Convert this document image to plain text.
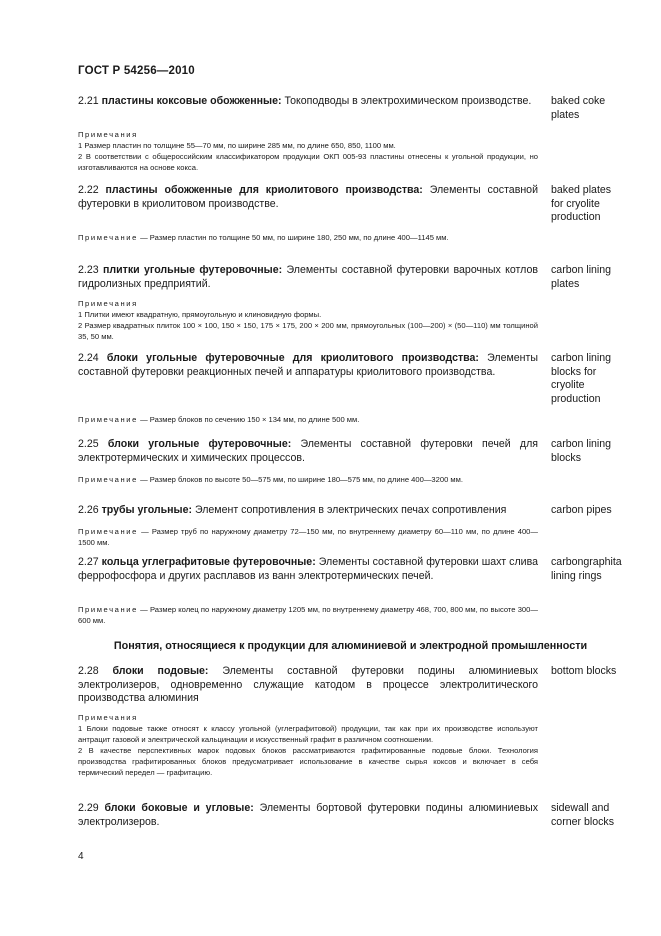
ГОСТ Р 54256—2010
2.21 пластины коксовые обожженные: Токоподводы в электрохимическом производстве.	baked coke plates
Примечания
1 Размер пластин по толщине 55—70 мм, по ширине 285 мм, по длине 650, 850, 1100 мм.
2 В соответствии с общероссийским классификатором продукции ОКП 005-93 пластины отнесены к угольной продукции, но изготавливаются на основе кокса.
2.22 пластины обожженные для криолитового производства: Элементы составной футеровки в криолитовом производстве.
baked plates for cryolite production
Примечание — Размер пластин по толщине 50 мм, по ширине 180, 250 мм, по длине 400—1145 мм.
2.23 плитки угольные футеровочные: Элементы составной футеровки варочных котлов гидролизных предприятий.
carbon lining plates
Примечания
1 Плитки имеют квадратную, прямоугольную и клиновидную формы.
2 Размер квадратных плиток 100 × 100, 150 × 150, 175 × 175, 200 × 200 мм, прямоугольных (100—200) × (50—110) мм толщиной 35, 50 мм.
2.24 блоки угольные футеровочные для криолитового производства: Элементы составной футеровки реакционных печей и аппаратуры криолитового производства.
carbon lining blocks for cryolite production
Примечание — Размер блоков по сечению 150 × 134 мм, по длине 500 мм.
2.25 блоки угольные футеровочные: Элементы составной футеровки печей для электротермических и химических процессов.
carbon lining blocks
Примечание — Размер блоков по высоте 50—575 мм, по ширине 180—575 мм, по длине 400—3200 мм.
2.26 трубы угольные: Элемент сопротивления в электрических печах сопротивления	carbon pipes
Примечание — Размер труб по наружному диаметру 72—150 мм, по внутреннему диаметру 60—110 мм, по длине 400—1500 мм.
2.27 кольца углеграфитовые футеровочные: Элементы составной футеровки шахт слива феррофосфора и других расплавов из ванн электротермических печей.
carbongraphita lining rings
Примечание — Размер колец по наружному диаметру 1205 мм, по внутреннему диаметру 468, 700, 800 мм, по высоте 300—600 мм.
Понятия, относящиеся к продукции для алюминиевой и электродной промышленности
2.28 блоки подовые: Элементы составной футеровки подины алюминиевых электролизеров, одновременно служащие катодом в процессе электролитического производства алюминия
bottom blocks
Примечания
1 Блоки подовые также относят к классу угольной (углеграфитовой) продукции, так как при их производстве используют антрацит газовой и электрической кальцинации и искусственный графит в различном соотношении.
2 В качестве перспективных марок подовых блоков рассматриваются графитированные подовые блоки. Технология производства графитированных блоков предусматривает использование в качестве сырья коксов и включает в себя термический передел — графитацию.
2.29 блоки боковые и угловые: Элементы бортовой футеровки подины алюминиевых электролизеров.
sidewall and corner blocks
4
